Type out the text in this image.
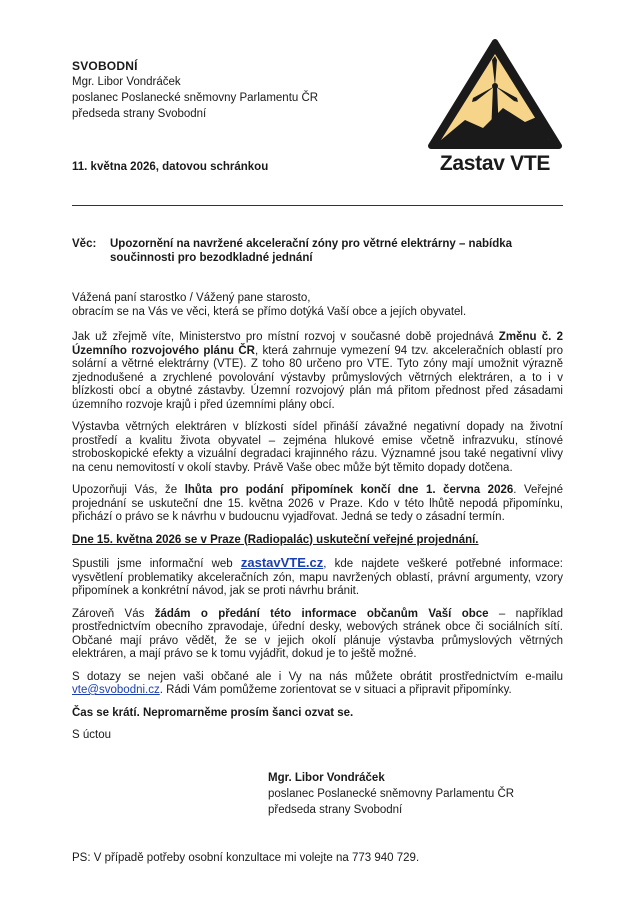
SVOBODNÍ
Mgr. Libor Vondráček
poslanec Poslanecké sněmovny Parlamentu ČR
předseda strany Svobodní
Zastav VTE
11. května 2026, datovou schránkou
Věc:	Upozornění na navržené akcelerační zóny pro větrné elektrárny – nabídka součinnosti pro bezodkladné jednání

Vážená paní starostko / Vážený pane starosto,
obracím se na Vás ve věci, která se přímo dotýká Vaší obce a jejích obyvatel.

Jak už zřejmě víte, Ministerstvo pro místní rozvoj v současné době projednává Změnu č. 2 Územního rozvojového plánu ČR, která zahrnuje vymezení 94 tzv. akceleračních oblastí pro solární a větrné elektrárny (VTE). Z toho 80 určeno pro VTE. Tyto zóny mají umožnit výrazně zjednodušené a zrychlené povolování výstavby průmyslových větrných elektráren, a to i v blízkosti obcí a obytné zástavby. Územní rozvojový plán má přitom přednost před zásadami územního rozvoje krajů i před územními plány obcí.

Výstavba větrných elektráren v blízkosti sídel přináší závažné negativní dopady na životní prostředí a kvalitu života obyvatel – zejména hlukové emise včetně infrazvuku, stínové stroboskopické efekty a vizuální degradaci krajinného rázu. Významné jsou také negativní vlivy na cenu nemovitostí v okolí stavby. Právě Vaše obec může být těmito dopady dotčena.

Upozorňuji Vás, že lhůta pro podání připomínek končí dne 1. června 2026. Veřejné projednání se uskuteční dne 15. května 2026 v Praze. Kdo v této lhůtě nepodá připomínku, přichází o právo se k návrhu v budoucnu vyjadřovat. Jedná se tedy o zásadní termín.

Dne 15. května 2026 se v Praze (Radiopalác) uskuteční veřejné projednání.

Spustili jsme informační web zastavVTE.cz, kde najdete veškeré potřebné informace: vysvětlení problematiky akceleračních zón, mapu navržených oblastí, právní argumenty, vzory připomínek a konkrétní návod, jak se proti návrhu bránit.

Zároveň Vás žádám o předání této informace občanům Vaší obce – například prostřednictvím obecního zpravodaje, úřední desky, webových stránek obce či sociálních sítí. Občané mají právo vědět, že se v jejich okolí plánuje výstavba průmyslových větrných elektráren, a mají právo se k tomu vyjádřit, dokud je to ještě možné.

S dotazy se nejen vaši občané ale i Vy na nás můžete obrátit prostřednictvím e-mailu vte@svobodni.cz. Rádi Vám pomůžeme zorientovat se v situaci a připravit připomínky.

Čas se krátí. Nepromarněme prosím šanci ozvat se.

S úctou

Mgr. Libor Vondráček
poslanec Poslanecké sněmovny Parlamentu ČR
předseda strany Svobodní
PS: V případě potřeby osobní konzultace mi volejte na 773 940 729.
